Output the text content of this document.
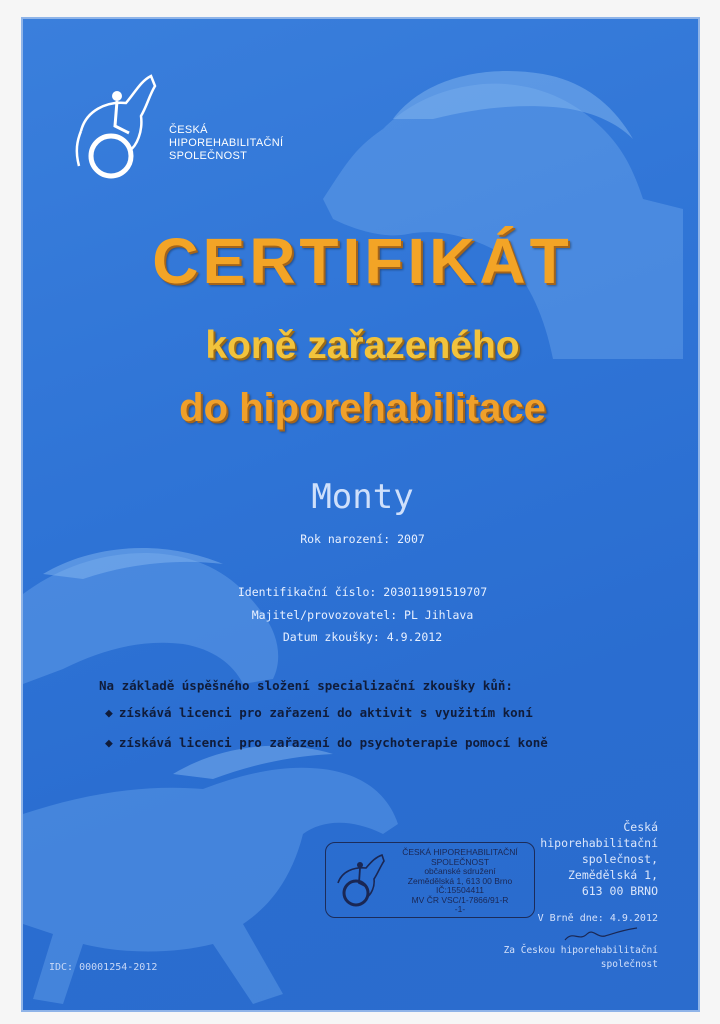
ČESKÁ
HIPOREHABILITAČNÍ
SPOLEČNOST
CERTIFIKÁT
koně zařazeného
do hiporehabilitace
Monty
Rok narození: 2007
Identifikační číslo: 203011991519707
Majitel/provozovatel: PL Jihlava
Datum zkoušky: 4.9.2012
Na základě úspěšného složení specializační zkoušky kůň:
◆ získává licenci pro zařazení do aktivit s využitím koní
◆ získává licenci pro zařazení do psychoterapie pomocí koně
Česká
hiporehabilitační
společnost,
Zemědělská 1,
613 00 BRNO
ČESKÁ HIPOREHABILITAČNÍ
SPOLEČNOST
občanské sdružení
Zemědělská 1, 613 00 Brno
IČ:15504411
MV ČR VSC/1-7866/91-R
-1-
V Brně dne: 4.9.2012
Za Českou hiporehabilitační
společnost
IDC: 00001254-2012
